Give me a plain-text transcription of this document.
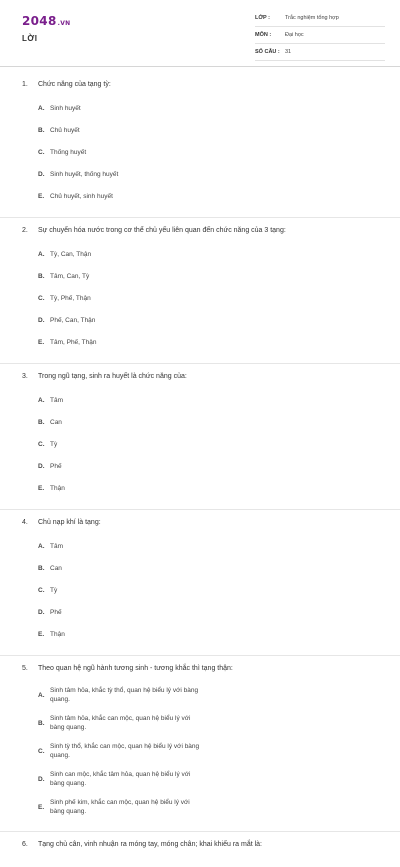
2048.VN
LỜI
LỚP :	Trắc nghiệm tổng hợp
MÔN :	Đại học
SỐ CÂU : 31
1. Chức năng của tạng tỳ:
A. Sinh huyết
B. Chủ huyết
C. Thống huyết
D. Sinh huyết, thống huyết
E. Chủ huyết, sinh huyết
2. Sự chuyển hóa nước trong cơ thể chủ yếu liên quan đến chức năng của 3 tạng:
A. Tỳ, Can, Thận
B. Tâm, Can, Tỳ
C. Tỳ, Phế, Thận
D. Phế, Can, Thận
E. Tâm, Phế, Thận
3. Trong ngũ tạng, sinh ra huyết là chức năng của:
A. Tâm
B. Can
C. Tỳ
D. Phế
E. Thận
4. Chủ nạp khí là tạng:
A. Tâm
B. Can
C. Tỳ
D. Phế
E. Thận
5. Theo quan hệ ngũ hành tương sinh - tương khắc thì tạng thận:
A.
Sinh tâm hỏa, khắc tỳ thổ, quan hệ biểu lý với bàng quang.
B.
Sinh tâm hỏa, khắc can mộc, quan hệ biểu lý với bàng quang.
C.
Sinh tỳ thổ, khắc can mộc, quan hệ biểu lý với bàng quang.
D.
Sinh can mộc, khắc tâm hỏa, quan hệ biểu lý với bàng quang.
E.
Sinh phế kim, khắc can mộc, quan hệ biểu lý với bàng quang.
6. Tạng chủ cân, vinh nhuận ra móng tay, móng chân; khai khiếu ra mắt là:
